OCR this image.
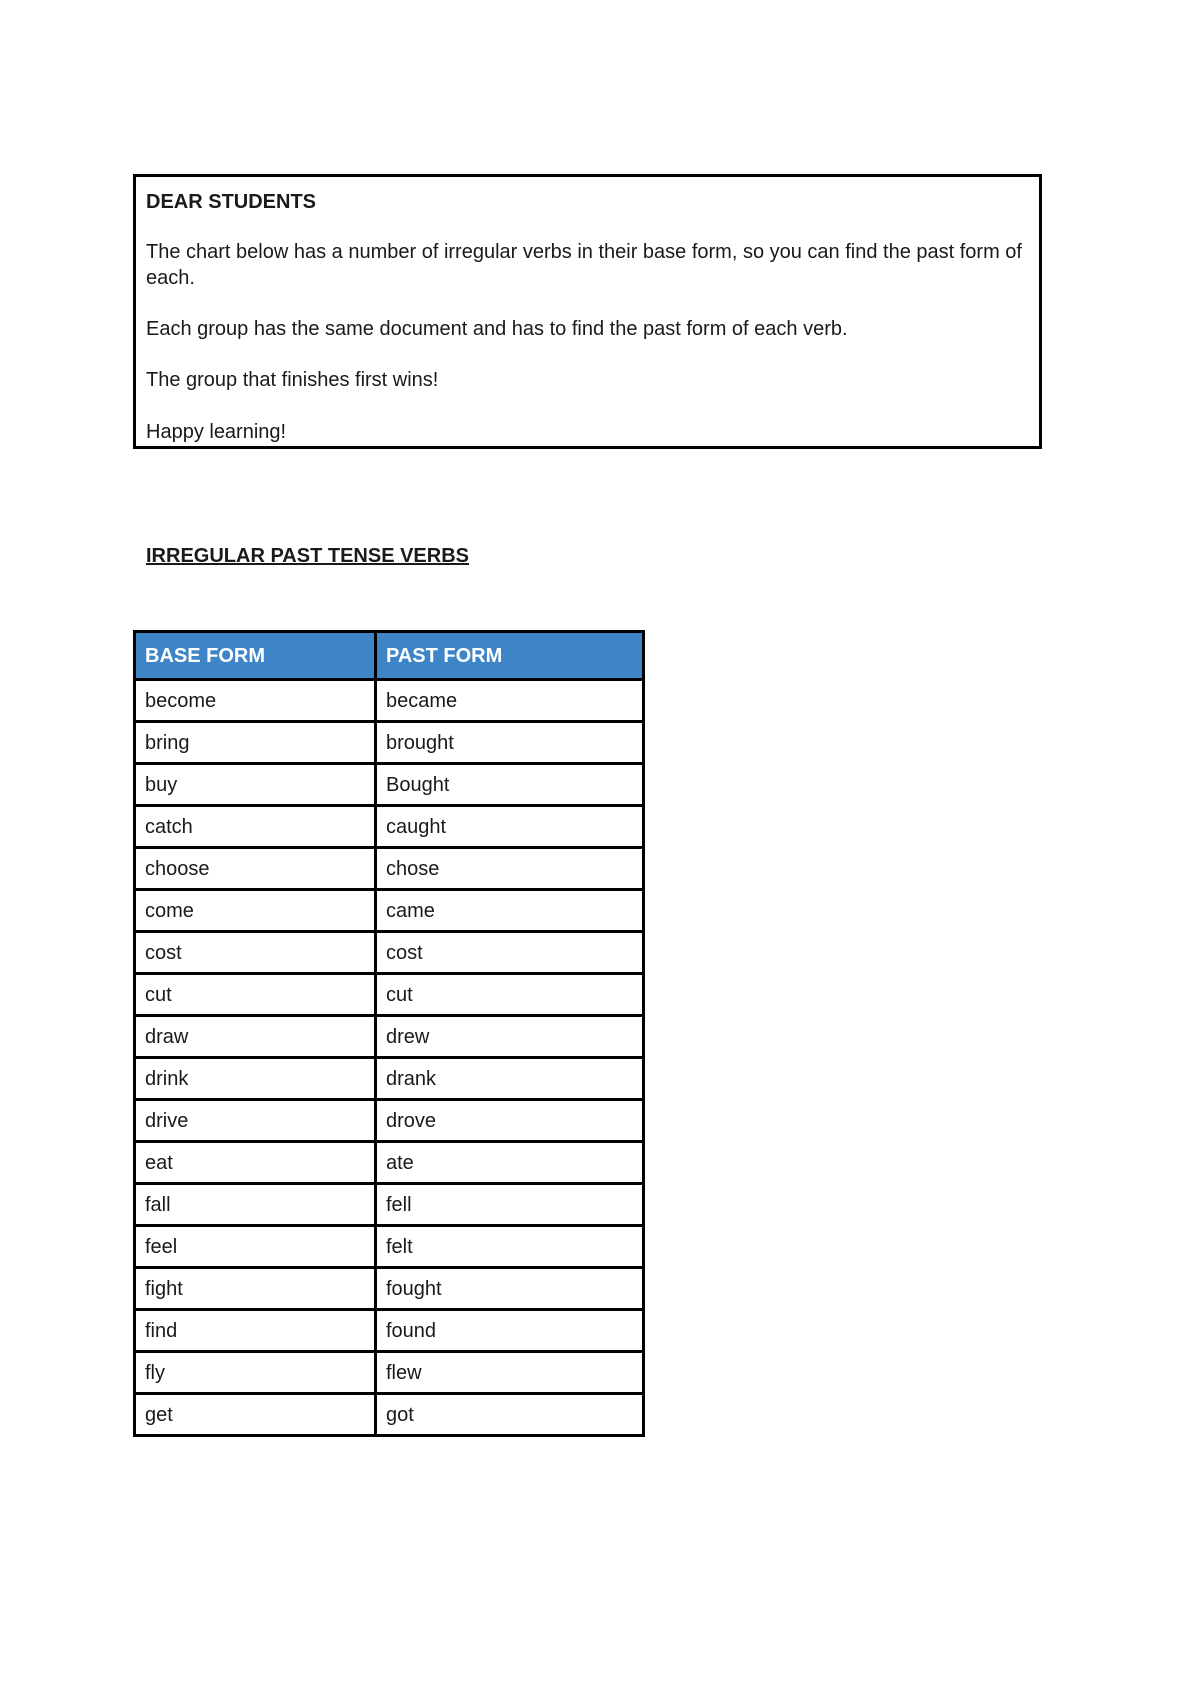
DEAR STUDENTS

The chart below has a number of irregular verbs in their base form, so you can find the past form of each.

Each group has the same document and has to find the past form of each verb.

The group that finishes first wins!

Happy learning!

IRREGULAR PAST TENSE VERBS
BASE FORM	PAST FORM
become	became
bring	brought
buy	Bought
catch	caught
choose	chose
come	came
cost	cost
cut	cut
draw	drew
drink	drank
drive	drove
eat	ate
fall	fell
feel	felt
fight	fought
find	found
fly	flew
get	got
